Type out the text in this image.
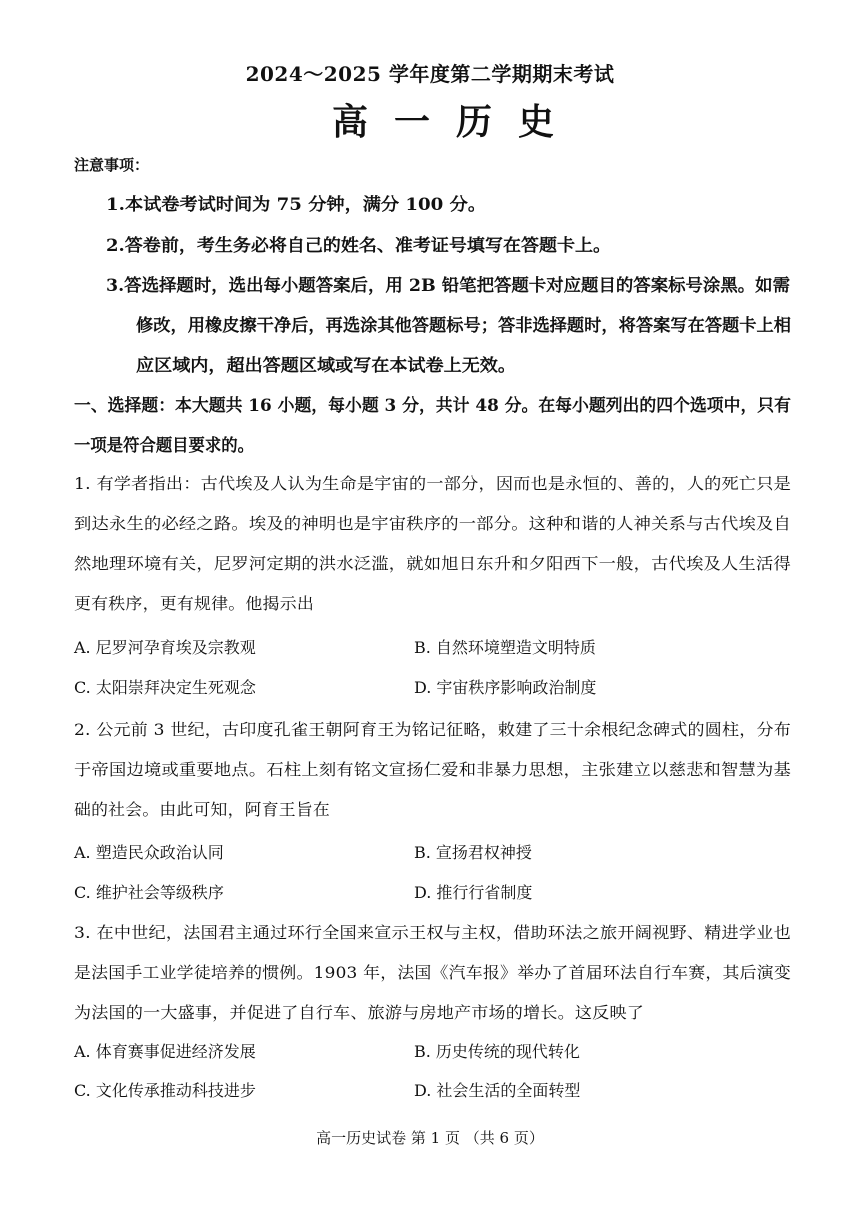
2024～2025 学年度第二学期期末考试
高一历史
注意事项：
1.本试卷考试时间为 75 分钟，满分 100 分。
2.答卷前，考生务必将自己的姓名、准考证号填写在答题卡上。
3.答选择题时，选出每小题答案后，用 2B 铅笔把答题卡对应题目的答案标号涂黑。如需
修改，用橡皮擦干净后，再选涂其他答题标号；答非选择题时，将答案写在答题卡上相
应区域内，超出答题区域或写在本试卷上无效。
一、选择题：本大题共 16 小题，每小题 3 分，共计 48 分。在每小题列出的四个选项中，只有
一项是符合题目要求的。
1. 有学者指出：古代埃及人认为生命是宇宙的一部分，因而也是永恒的、善的，人的死亡只是
到达永生的必经之路。埃及的神明也是宇宙秩序的一部分。这种和谐的人神关系与古代埃及自
然地理环境有关，尼罗河定期的洪水泛滥，就如旭日东升和夕阳西下一般，古代埃及人生活得
更有秩序，更有规律。他揭示出
A. 尼罗河孕育埃及宗教观	B. 自然环境塑造文明特质
C. 太阳崇拜决定生死观念	D. 宇宙秩序影响政治制度
2. 公元前 3 世纪，古印度孔雀王朝阿育王为铭记征略，敕建了三十余根纪念碑式的圆柱，分布
于帝国边境或重要地点。石柱上刻有铭文宣扬仁爱和非暴力思想，主张建立以慈悲和智慧为基
础的社会。由此可知，阿育王旨在
A. 塑造民众政治认同	B. 宣扬君权神授
C. 维护社会等级秩序	D. 推行行省制度
3. 在中世纪，法国君主通过环行全国来宣示王权与主权，借助环法之旅开阔视野、精进学业也
是法国手工业学徒培养的惯例。1903 年，法国《汽车报》举办了首届环法自行车赛，其后演变
为法国的一大盛事，并促进了自行车、旅游与房地产市场的增长。这反映了
A. 体育赛事促进经济发展	B. 历史传统的现代转化
C. 文化传承推动科技进步	D. 社会生活的全面转型
高一历史试卷 第 1 页 （共 6 页）
